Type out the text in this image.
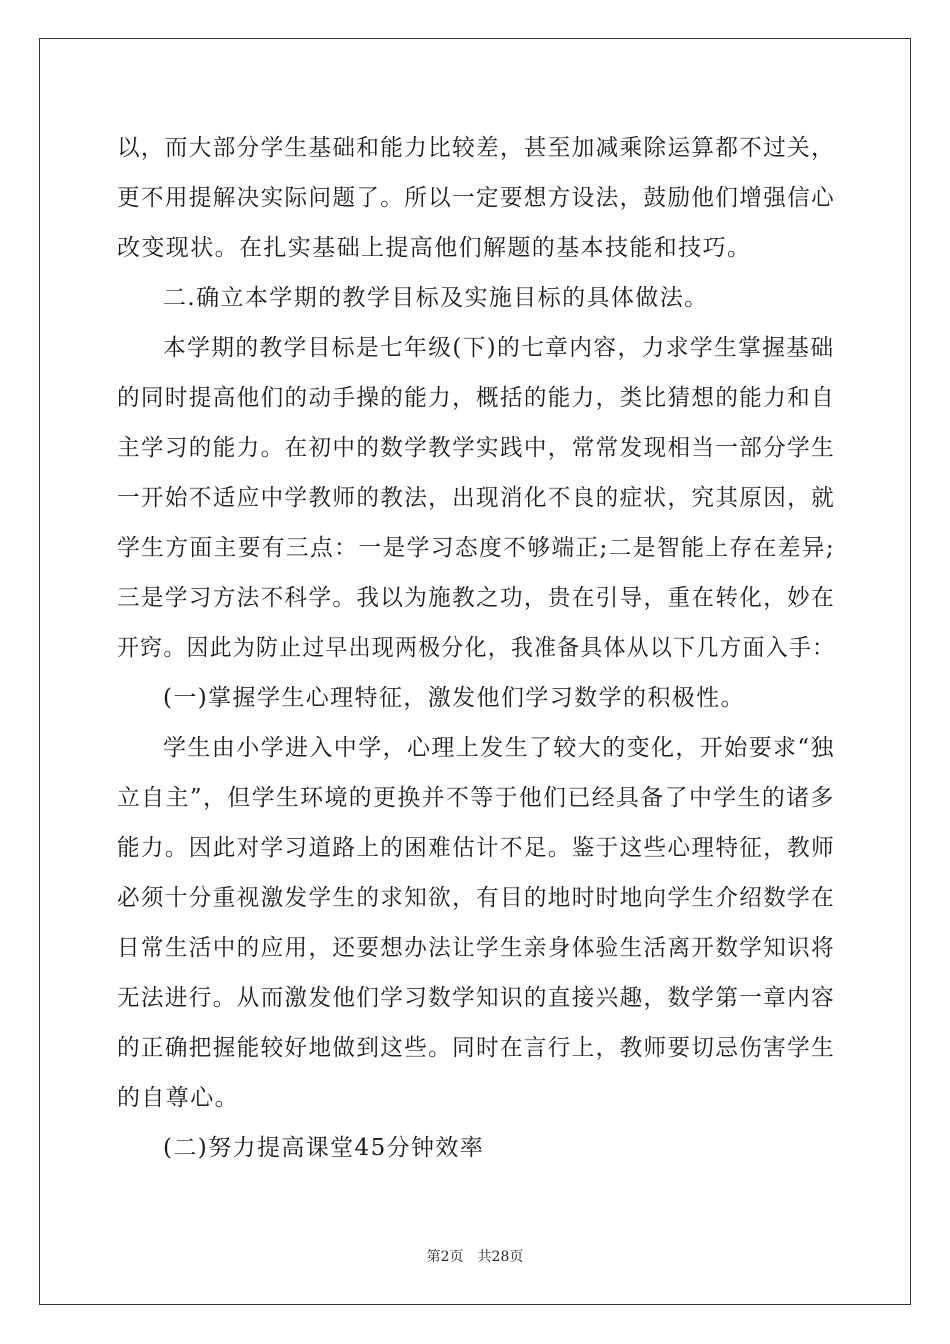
以，而大部分学生基础和能力比较差，甚至加减乘除运算都不过关，
更不用提解决实际问题了。所以一定要想方设法，鼓励他们增强信心
改变现状。在扎实基础上提高他们解题的基本技能和技巧。
二.确立本学期的教学目标及实施目标的具体做法。
本学期的教学目标是七年级(下)的七章内容，力求学生掌握基础
的同时提高他们的动手操的能力，概括的能力，类比猜想的能力和自
主学习的能力。在初中的数学教学实践中，常常发现相当一部分学生
一开始不适应中学教师的教法，出现消化不良的症状，究其原因，就
学生方面主要有三点：一是学习态度不够端正;二是智能上存在差异;
三是学习方法不科学。我以为施教之功，贵在引导，重在转化，妙在
开窍。因此为防止过早出现两极分化，我准备具体从以下几方面入手：
(一)掌握学生心理特征，激发他们学习数学的积极性。
学生由小学进入中学，心理上发生了较大的变化，开始要求“独
立自主”，但学生环境的更换并不等于他们已经具备了中学生的诸多
能力。因此对学习道路上的困难估计不足。鉴于这些心理特征，教师
必须十分重视激发学生的求知欲，有目的地时时地向学生介绍数学在
日常生活中的应用，还要想办法让学生亲身体验生活离开数学知识将
无法进行。从而激发他们学习数学知识的直接兴趣，数学第一章内容
的正确把握能较好地做到这些。同时在言行上，教师要切忌伤害学生
的自尊心。
(二)努力提高课堂45分钟效率
第2页 共28页
